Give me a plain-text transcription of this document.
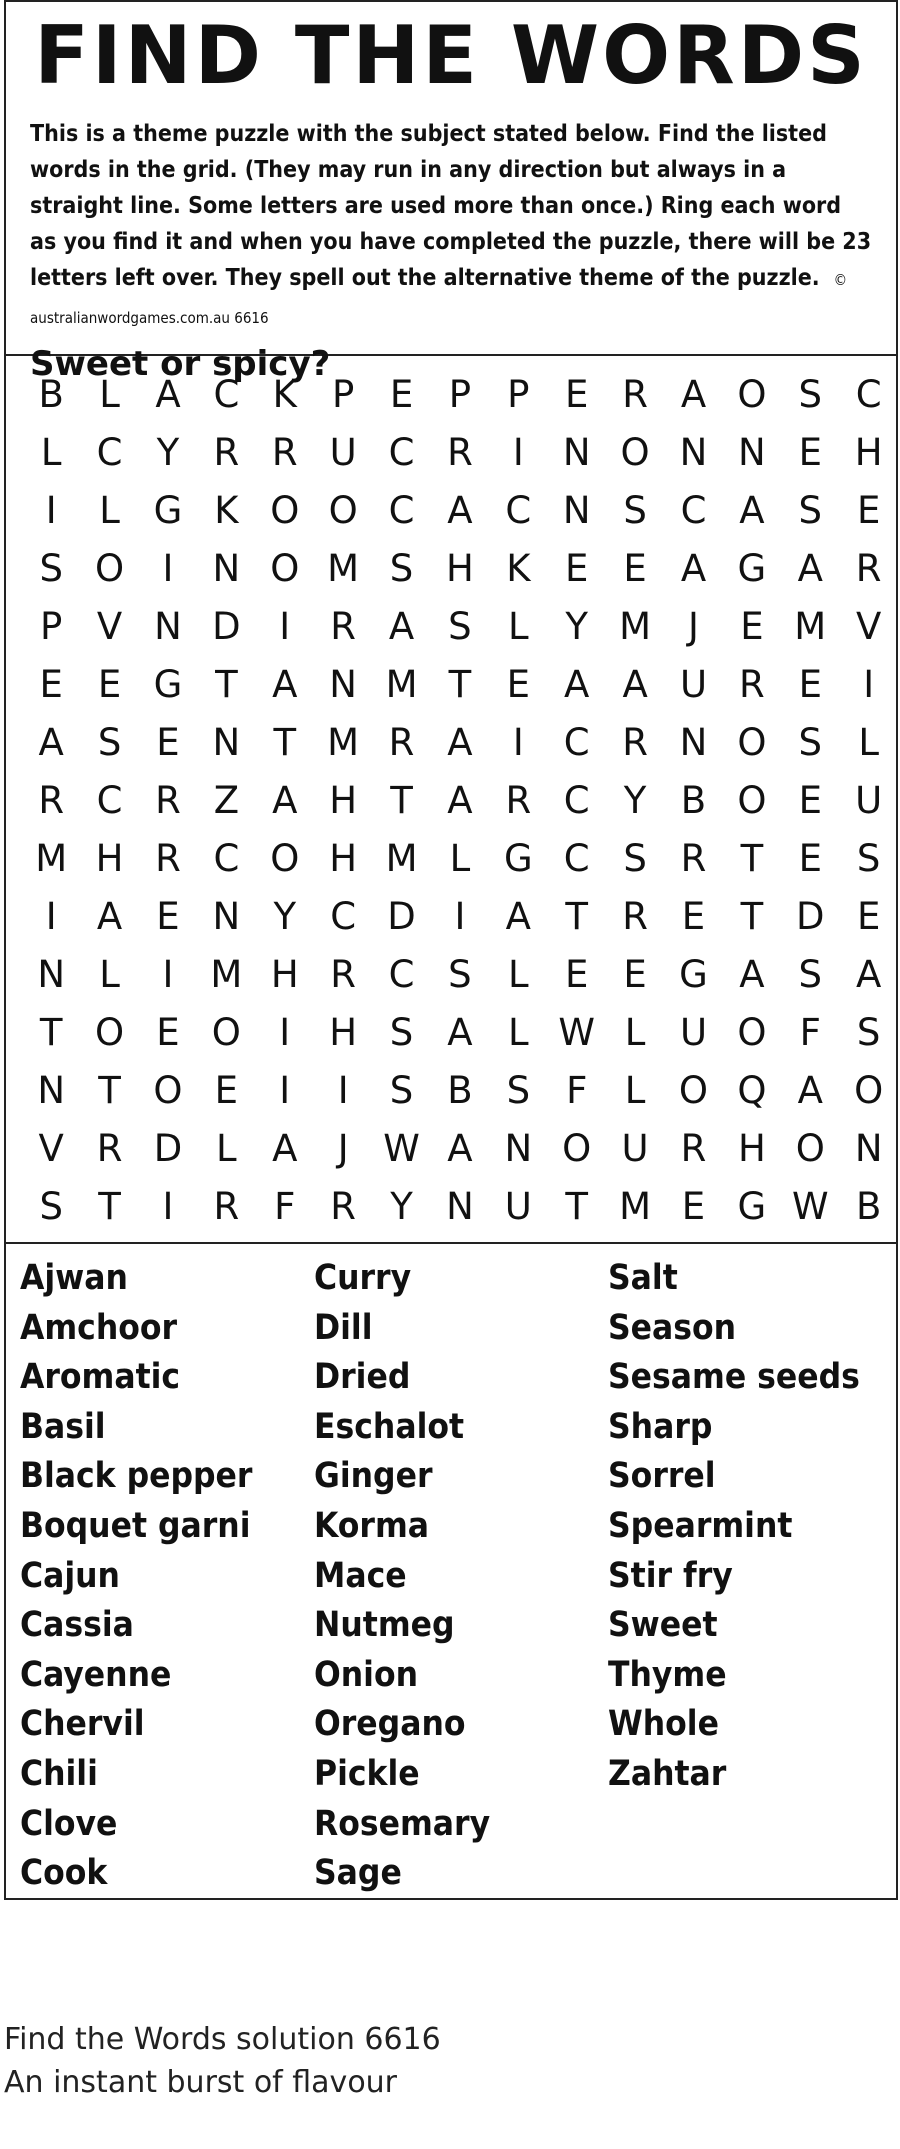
FIND THE WORDS
This is a theme puzzle with the subject stated below. Find the listed words in the grid. (They may run in any direction but always in a straight line. Some letters are used more than once.) Ring each word as you find it and when you have completed the puzzle, there will be 23 letters left over. They spell out the alternative theme of the puzzle. © australianwordgames.com.au 6616
Sweet or spicy?
B L A C K P E P P E R A O S C
L C Y R R U C R	I	N O N N E H
I	L G K O O C A C N S C A S E
S O	I	N O M S H K E E A G A R
P V N D	I	R A S L Y M J	E M V
E E G T A N M T E A A U R E	I
A S E N T M R A	I	C R N O S L
R C R Z A H T A R C Y B O E U
M H R C O H M L G C S R T E S
I	A E N Y C D	I	A T R E T D E
N L	I M H R C S L E E G A S A
T O E O	I	H S A L W L U O F S
N T O E	I	I	S B S F	L O Q A O
V R D L A	J W A N O U R H O N
S T	I	R F R Y N U T M E G W B
Ajwan
Amchoor
Aromatic
Basil
Black pepper
Boquet garni
Cajun
Cassia
Cayenne
Chervil
Chili
Clove
Cook
Curry
Dill
Dried
Eschalot
Ginger
Korma
Mace
Nutmeg
Onion
Oregano
Pickle
Rosemary
Sage
Salt
Season
Sesame seeds
Sharp
Sorrel
Spearmint
Stir fry
Sweet
Thyme
Whole
Zahtar
Find the Words solution 6616
An instant burst of flavour
